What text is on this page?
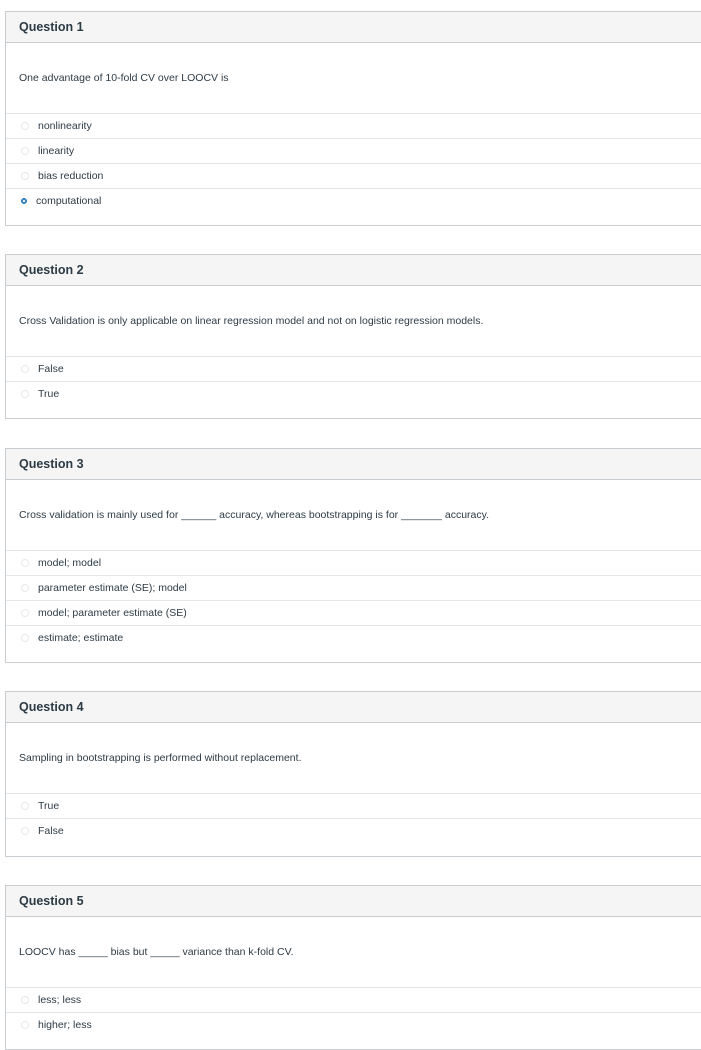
Question 1
One advantage of 10-fold CV over LOOCV is
nonlinearity
linearity
bias reduction
computational
Question 2
Cross Validation is only applicable on linear regression model and not on logistic regression models.
False
True
Question 3
Cross validation is mainly used for ______ accuracy, whereas bootstrapping is for _______ accuracy.
model; model
parameter estimate (SE); model
model; parameter estimate (SE)
estimate; estimate
Question 4
Sampling in bootstrapping is performed without replacement.
True
False
Question 5
LOOCV has _____ bias but _____ variance than k-fold CV.
less; less
higher; less
